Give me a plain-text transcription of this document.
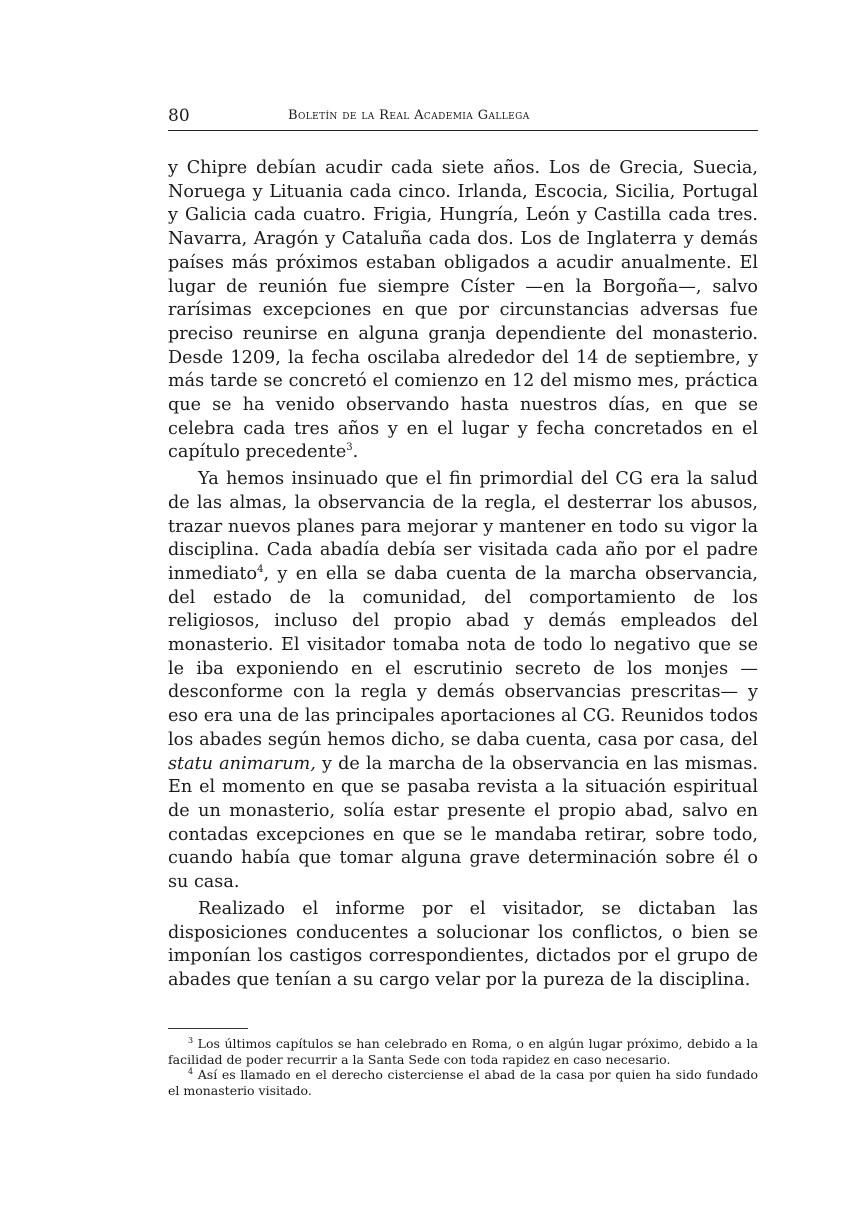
80	Boletín de la Real Academia Gallega

y Chipre debían acudir cada siete años. Los de Grecia, Suecia, Noruega y Lituania cada cinco. Irlanda, Escocia, Sicilia, Portugal y Galicia cada cuatro. Frigia, Hungría, León y Castilla cada tres. Navarra, Aragón y Cataluña cada dos. Los de Inglaterra y demás países más próximos estaban obligados a acudir anualmente. El lugar de reunión fue siempre Císter —en la Borgoña—, salvo rarísimas excepciones en que por circunstancias adversas fue preciso reunirse en alguna granja dependiente del monasterio. Desde 1209, la fecha oscilaba alrededor del 14 de septiembre, y más tarde se concretó el comienzo en 12 del mismo mes, práctica que se ha venido observando hasta nuestros días, en que se celebra cada tres años y en el lugar y fecha concretados en el capítulo precedente$^3$.

Ya hemos insinuado que el fin primordial del CG era la salud de las almas, la observancia de la regla, el desterrar los abusos, trazar nuevos planes para mejorar y mantener en todo su vigor la disciplina. Cada abadía debía ser visitada cada año por el padre inmediato$^4$, y en ella se daba cuenta de la marcha observancia, del estado de la comunidad, del comportamiento de los religiosos, incluso del propio abad y demás empleados del monasterio. El visitador tomaba nota de todo lo negativo que se le iba exponiendo en el escrutinio secreto de los monjes —desconforme con la regla y demás observancias prescritas— y eso era una de las principales aportaciones al CG. Reunidos todos los abades según hemos dicho, se daba cuenta, casa por casa, del statu animarum, y de la marcha de la observancia en las mismas. En el momento en que se pasaba revista a la situación espiritual de un monasterio, solía estar presente el propio abad, salvo en contadas excepciones en que se le mandaba retirar, sobre todo, cuando había que tomar alguna grave determinación sobre él o su casa.

Realizado el informe por el visitador, se dictaban las disposiciones conducentes a solucionar los conflictos, o bien se imponían los castigos correspondientes, dictados por el grupo de abades que tenían a su cargo velar por la pureza de la disciplina.

$^3$ Los últimos capítulos se han celebrado en Roma, o en algún lugar próximo, debido a la facilidad de poder recurrir a la Santa Sede con toda rapidez en caso necesario.

$^4$ Así es llamado en el derecho cisterciense el abad de la casa por quien ha sido fundado el monasterio visitado.
